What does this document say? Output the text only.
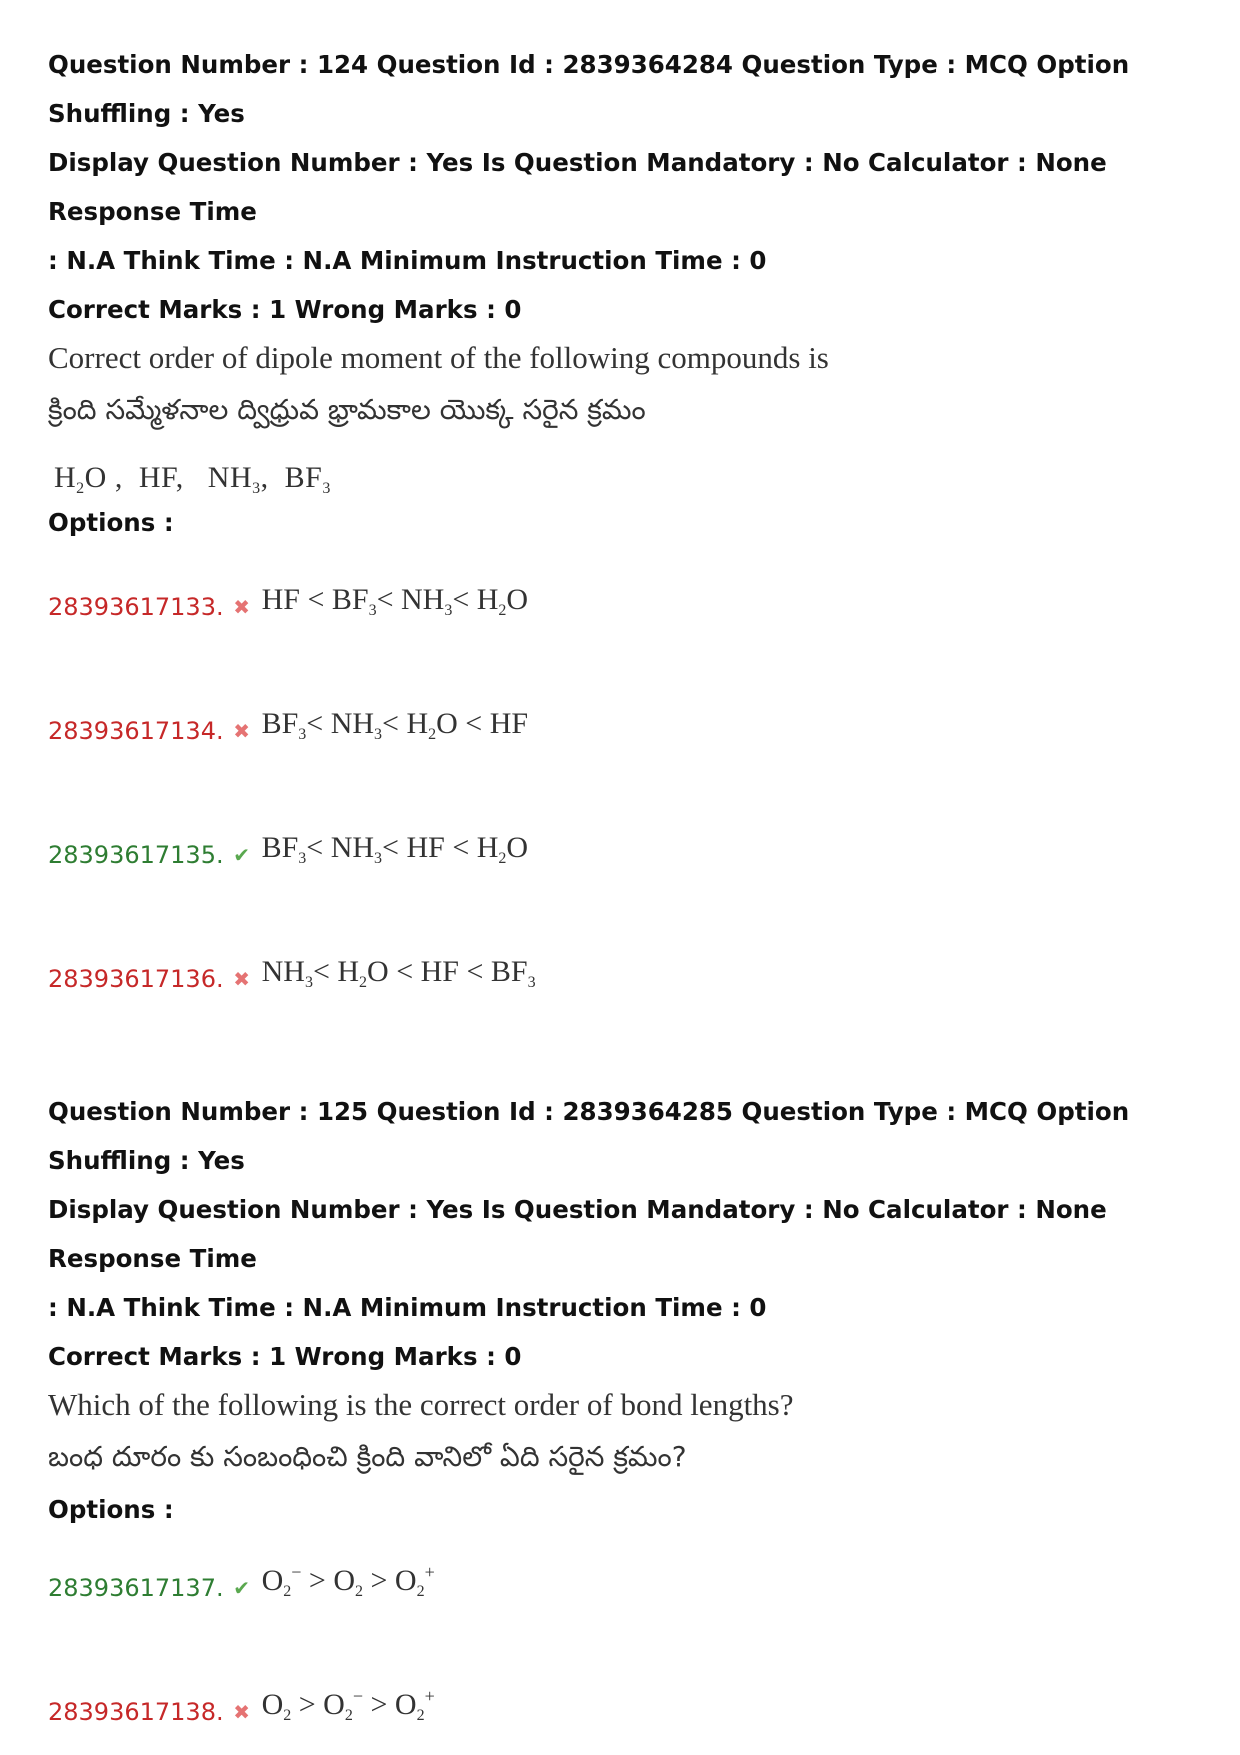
Question Number : 124 Question Id : 2839364284 Question Type : MCQ Option Shuffling : Yes
Display Question Number : Yes Is Question Mandatory : No Calculator : None Response Time
: N.A Think Time : N.A Minimum Instruction Time : 0
Correct Marks : 1 Wrong Marks : 0
Correct order of dipole moment of the following compounds is
క్రింది సమ్మేళనాల ద్విధ్రువ భ్రామకాల యొక్క సరైన క్రమం
$H_2O$ , HF, $NH_3$, $BF_3$
Options :
28393617133. ✖ HF < $BF_3< NH_3< H_2O$
28393617134. ✖ $BF_3< NH_3< H_2O$ < HF
28393617135. ✔ $BF_3< NH_3<$ HF < $H_2O$
28393617136. ✖ $NH_3< H_2O$ < HF < $BF_3$
Question Number : 125 Question Id : 2839364285 Question Type : MCQ Option Shuffling : Yes
Display Question Number : Yes Is Question Mandatory : No Calculator : None Response Time
: N.A Think Time : N.A Minimum Instruction Time : 0
Correct Marks : 1 Wrong Marks : 0
Which of the following is the correct order of bond lengths?
బంధ దూరం కు సంబంధించి క్రింది వానిలో ఏది సరైన క్రమం?
Options :
28393617137. ✔ $O_2^- > O_2 > O_2^+$
28393617138. ✖ $O_2 > O_2^- > O_2^+$
